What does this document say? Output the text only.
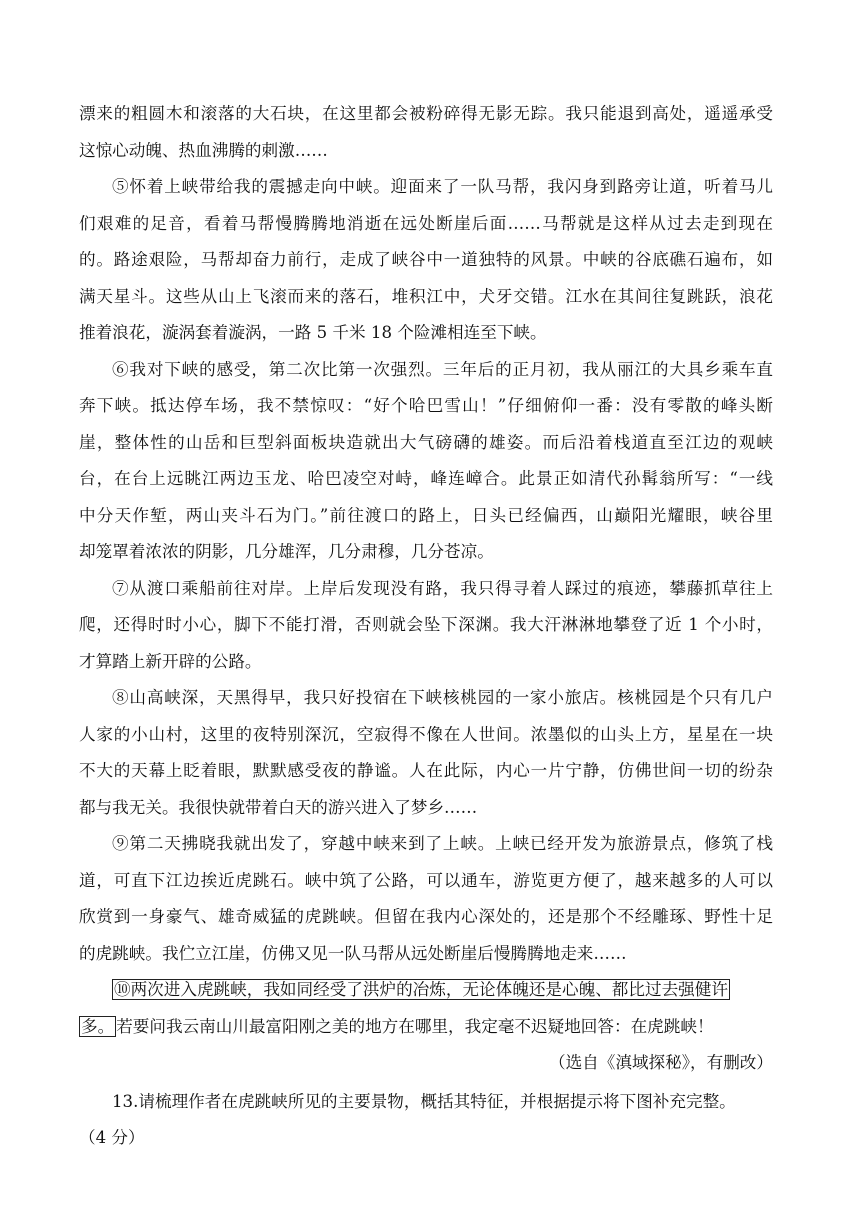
漂来的粗圆木和滚落的大石块，在这里都会被粉碎得无影无踪。我只能退到高处，遥遥承受
这惊心动魄、热血沸腾的刺激……
⑤怀着上峡带给我的震撼走向中峡。迎面来了一队马帮，我闪身到路旁让道，听着马儿
们艰难的足音，看着马帮慢腾腾地消逝在远处断崖后面……马帮就是这样从过去走到现在
的。路途艰险，马帮却奋力前行，走成了峡谷中一道独特的风景。中峡的谷底礁石遍布，如
满天星斗。这些从山上飞滚而来的落石，堆积江中，犬牙交错。江水在其间往复跳跃，浪花
推着浪花，漩涡套着漩涡，一路 5 千米 18 个险滩相连至下峡。
⑥我对下峡的感受，第二次比第一次强烈。三年后的正月初，我从丽江的大具乡乘车直
奔下峡。抵达停车场，我不禁惊叹：“好个哈巴雪山！”仔细俯仰一番：没有零散的峰头断
崖，整体性的山岳和巨型斜面板块造就出大气磅礴的雄姿。而后沿着栈道直至江边的观峡
台，在台上远眺江两边玉龙、哈巴凌空对峙，峰连嶂合。此景正如清代孙髯翁所写：“一线
中分天作堑，两山夹斗石为门。”前往渡口的路上，日头已经偏西，山巅阳光耀眼，峡谷里
却笼罩着浓浓的阴影，几分雄浑，几分肃穆，几分苍凉。
⑦从渡口乘船前往对岸。上岸后发现没有路，我只得寻着人踩过的痕迹，攀藤抓草往上
爬，还得时时小心，脚下不能打滑，否则就会坠下深渊。我大汗淋淋地攀登了近 1 个小时，
才算踏上新开辟的公路。
⑧山高峡深，天黑得早，我只好投宿在下峡核桃园的一家小旅店。核桃园是个只有几户
人家的小山村，这里的夜特别深沉，空寂得不像在人世间。浓墨似的山头上方，星星在一块
不大的天幕上眨着眼，默默感受夜的静谧。人在此际，内心一片宁静，仿佛世间一切的纷杂
都与我无关。我很快就带着白天的游兴进入了梦乡……
⑨第二天拂晓我就出发了，穿越中峡来到了上峡。上峡已经开发为旅游景点，修筑了栈
道，可直下江边挨近虎跳石。峡中筑了公路，可以通车，游览更方便了，越来越多的人可以
欣赏到一身豪气、雄奇威猛的虎跳峡。但留在我内心深处的，还是那个不经雕琢、野性十足
的虎跳峡。我伫立江崖，仿佛又见一队马帮从远处断崖后慢腾腾地走来……
⑩两次进入虎跳峡，我如同经受了洪炉的冶炼，无论体魄还是心魄、都比过去强健许
多。 若要问我云南山川最富阳刚之美的地方在哪里，我定毫不迟疑地回答：在虎跳峡！
（选自《滇域探秘》，有删改）
13.请梳理作者在虎跳峡所见的主要景物，概括其特征，并根据提示将下图补充完整。
（4 分）
